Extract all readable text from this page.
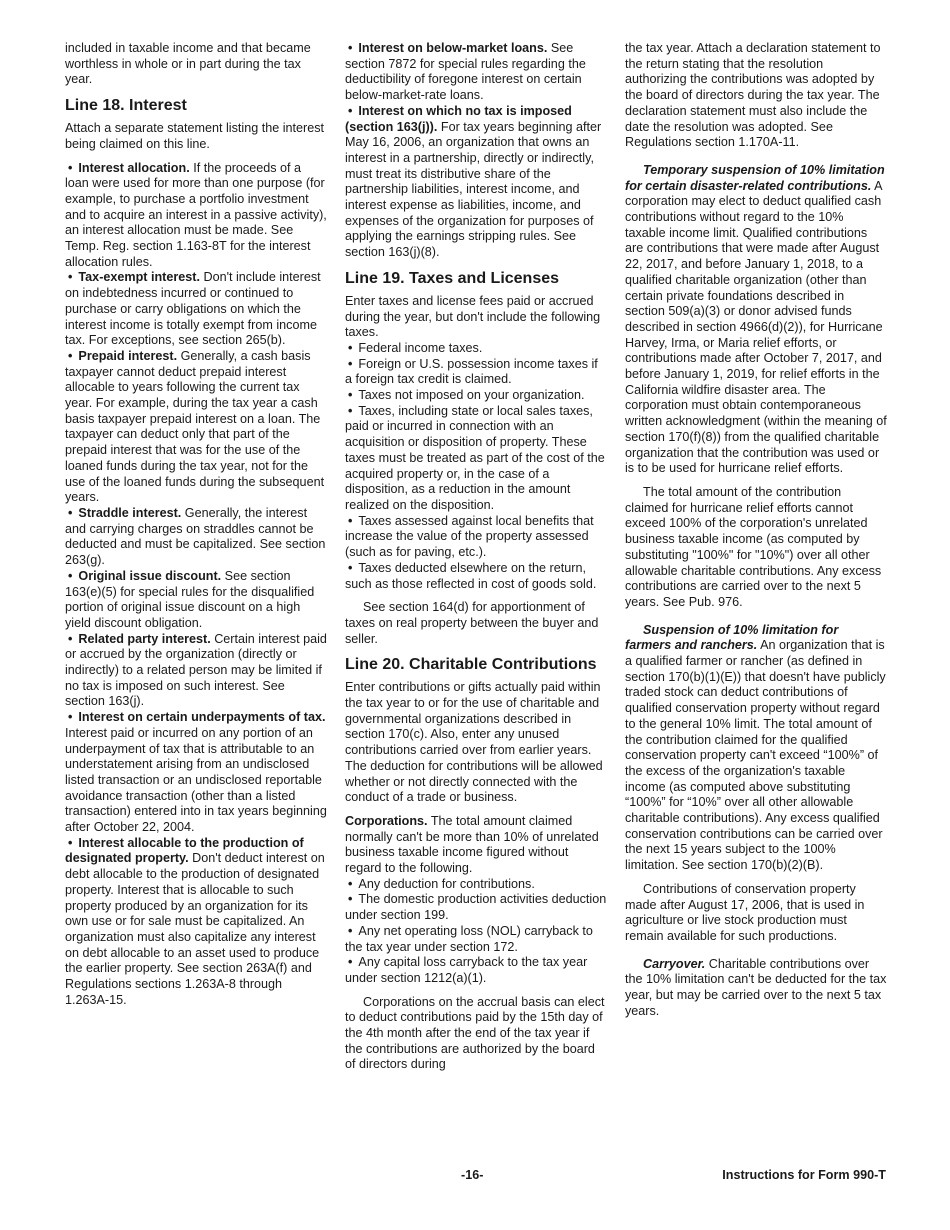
included in taxable income and that became worthless in whole or in part during the tax year.

Line 18. Interest

Attach a separate statement listing the interest being claimed on this line.

• Interest allocation. If the proceeds of a loan were used for more than one purpose (for example, to purchase a portfolio investment and to acquire an interest in a passive activity), an interest allocation must be made. See Temp. Reg. section 1.163-8T for the interest allocation rules.

• Tax-exempt interest. Don't include interest on indebtedness incurred or continued to purchase or carry obligations on which the interest income is totally exempt from income tax. For exceptions, see section 265(b).

• Prepaid interest. Generally, a cash basis taxpayer cannot deduct prepaid interest allocable to years following the current tax year. For example, during the tax year a cash basis taxpayer prepaid interest on a loan. The taxpayer can deduct only that part of the prepaid interest that was for the use of the loaned funds during the tax year, not for the use of the loaned funds during the subsequent years.

• Straddle interest. Generally, the interest and carrying charges on straddles cannot be deducted and must be capitalized. See section 263(g).

• Original issue discount. See section 163(e)(5) for special rules for the disqualified portion of original issue discount on a high yield discount obligation.

• Related party interest. Certain interest paid or accrued by the organization (directly or indirectly) to a related person may be limited if no tax is imposed on such interest. See section 163(j).

• Interest on certain underpayments of tax. Interest paid or incurred on any portion of an underpayment of tax that is attributable to an understatement arising from an undisclosed listed transaction or an undisclosed reportable avoidance transaction (other than a listed transaction) entered into in tax years beginning after October 22, 2004.

• Interest allocable to the production of designated property. Don't deduct interest on debt allocable to the production of designated property. Interest that is allocable to such property produced by an organization for its own use or for sale must be capitalized. An organization must also capitalize any interest on debt allocable to an asset used to produce the earlier property. See section 263A(f) and Regulations sections 1.263A-8 through 1.263A-15.

• Interest on below-market loans. See section 7872 for special rules regarding the deductibility of foregone interest on certain below-market-rate loans.

• Interest on which no tax is imposed (section 163(j)). For tax years beginning after May 16, 2006, an organization that owns an interest in a partnership, directly or indirectly, must treat its distributive share of the partnership liabilities, interest income, and interest expense as liabilities, income, and expenses of the organization for purposes of applying the earnings stripping rules. See section 163(j)(8).

Line 19. Taxes and Licenses

Enter taxes and license fees paid or accrued during the year, but don't include the following taxes.

• Federal income taxes.

• Foreign or U.S. possession income taxes if a foreign tax credit is claimed.

• Taxes not imposed on your organization.

• Taxes, including state or local sales taxes, paid or incurred in connection with an acquisition or disposition of property. These taxes must be treated as part of the cost of the acquired property or, in the case of a disposition, as a reduction in the amount realized on the disposition.

• Taxes assessed against local benefits that increase the value of the property assessed (such as for paving, etc.).

• Taxes deducted elsewhere on the return, such as those reflected in cost of goods sold.

See section 164(d) for apportionment of taxes on real property between the buyer and seller.

Line 20. Charitable Contributions

Enter contributions or gifts actually paid within the tax year to or for the use of charitable and governmental organizations described in section 170(c). Also, enter any unused contributions carried over from earlier years. The deduction for contributions will be allowed whether or not directly connected with the conduct of a trade or business.

Corporations. The total amount claimed normally can't be more than 10% of unrelated business taxable income figured without regard to the following.

• Any deduction for contributions.

• The domestic production activities deduction under section 199.

• Any net operating loss (NOL) carryback to the tax year under section 172.

• Any capital loss carryback to the tax year under section 1212(a)(1).

Corporations on the accrual basis can elect to deduct contributions paid by the 15th day of the 4th month after the end of the tax year if the contributions are authorized by the board of directors during

the tax year. Attach a declaration statement to the return stating that the resolution authorizing the contributions was adopted by the board of directors during the tax year. The declaration statement must also include the date the resolution was adopted. See Regulations section 1.170A-11.

Temporary suspension of 10% limitation for certain disaster-related contributions. A corporation may elect to deduct qualified cash contributions without regard to the 10% taxable income limit. Qualified contributions are contributions that were made after August 22, 2017, and before January 1, 2018, to a qualified charitable organization (other than certain private foundations described in section 509(a)(3) or donor advised funds described in section 4966(d)(2)), for Hurricane Harvey, Irma, or Maria relief efforts, or contributions made after October 7, 2017, and before January 1, 2019, for relief efforts in the California wildfire disaster area. The corporation must obtain contemporaneous written acknowledgment (within the meaning of section 170(f)(8)) from the qualified charitable organization that the contribution was used or is to be used for hurricane relief efforts.

The total amount of the contribution claimed for hurricane relief efforts cannot exceed 100% of the corporation's unrelated business taxable income (as computed by substituting "100%" for "10%") over all other allowable charitable contributions. Any excess contributions are carried over to the next 5 years. See Pub. 976.

Suspension of 10% limitation for farmers and ranchers. An organization that is a qualified farmer or rancher (as defined in section 170(b)(1)(E)) that doesn't have publicly traded stock can deduct contributions of qualified conservation property without regard to the general 10% limit. The total amount of the contribution claimed for the qualified conservation property can't exceed “100%” of the excess of the organization's taxable income (as computed above substituting “100%” for “10%” over all other allowable charitable contributions). Any excess qualified conservation contributions can be carried over the next 15 years subject to the 100% limitation. See section 170(b)(2)(B).

Contributions of conservation property made after August 17, 2006, that is used in agriculture or live stock production must remain available for such productions.

Carryover. Charitable contributions over the 10% limitation can't be deducted for the tax year, but may be carried over to the next 5 tax years.

-16-	Instructions for Form 990-T
